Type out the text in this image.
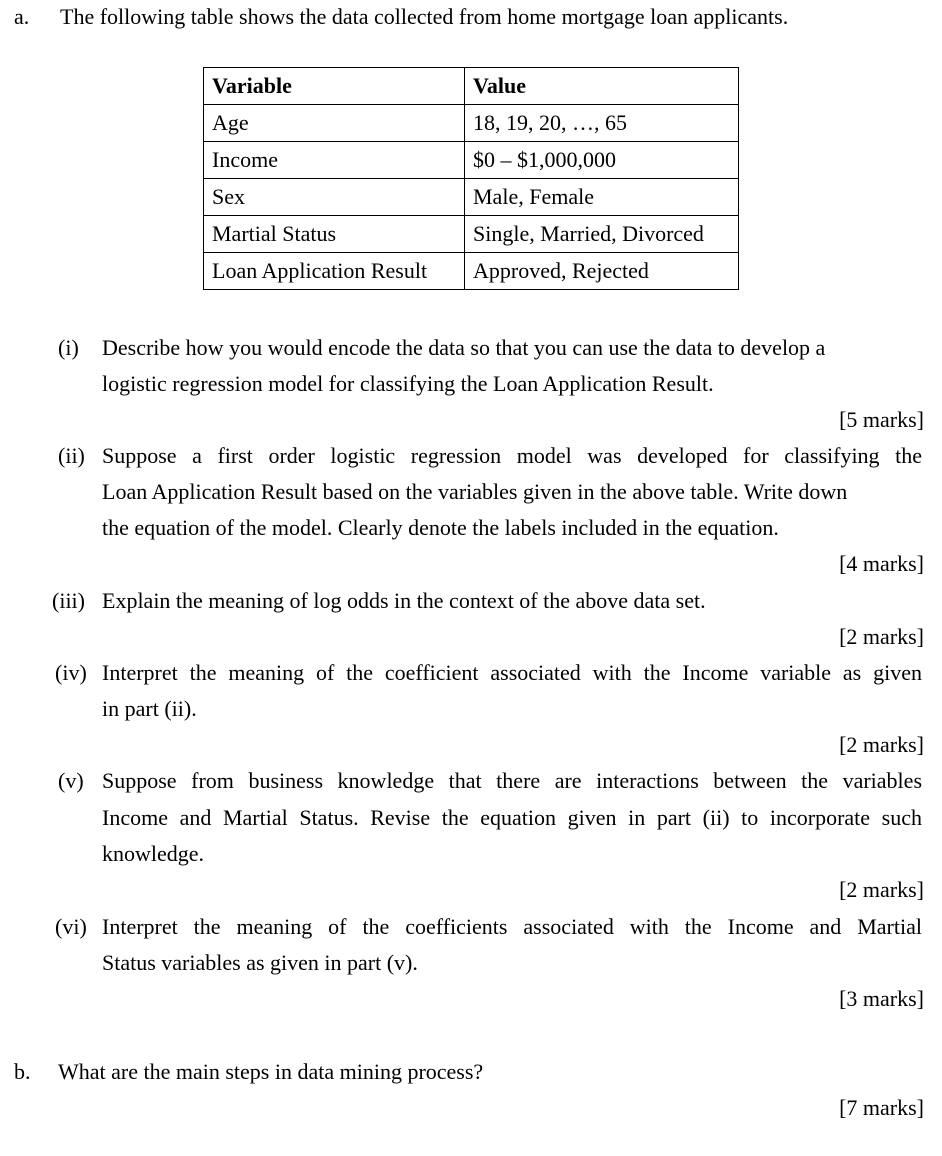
a. The following table shows the data collected from home mortgage loan applicants.
Variable	Value
Age	18, 19, 20, …, 65
Income	$0 – $1,000,000
Sex	Male, Female
Martial Status	Single, Married, Divorced
Loan Application Result	Approved, Rejected
(i) Describe how you would encode the data so that you can use the data to develop a
logistic regression model for classifying the Loan Application Result.
[5 marks]
(ii) Suppose a first order logistic regression model was developed for classifying the
Loan Application Result based on the variables given in the above table. Write down
the equation of the model. Clearly denote the labels included in the equation.
[4 marks]
(iii) Explain the meaning of log odds in the context of the above data set.
[2 marks]
(iv) Interpret the meaning of the coefficient associated with the Income variable as given
in part (ii).
[2 marks]
(v) Suppose from business knowledge that there are interactions between the variables
Income and Martial Status. Revise the equation given in part (ii) to incorporate such
knowledge.
[2 marks]
(vi) Interpret the meaning of the coefficients associated with the Income and Martial
Status variables as given in part (v).
[3 marks]
b. What are the main steps in data mining process?
[7 marks]
